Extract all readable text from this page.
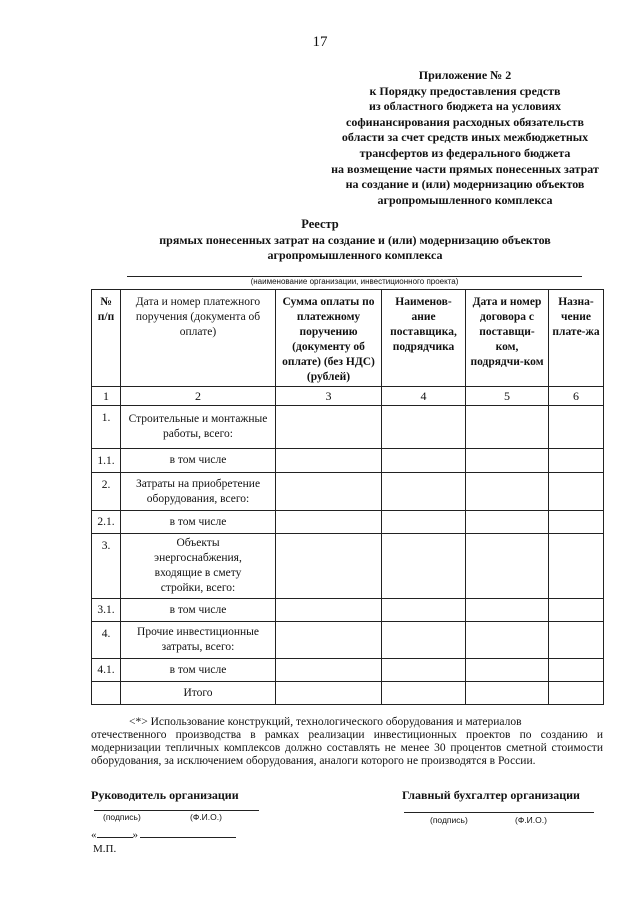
17
Приложение № 2
к Порядку предоставления средств
из областного бюджета на условиях
софинансирования расходных обязательств
области за счет средств иных межбюджетных
трансфертов из федерального бюджета
на возмещение части прямых понесенных затрат
на создание и (или) модернизацию объектов
агропромышленного комплекса
Реестр
прямых понесенных затрат на создание и (или) модернизацию объектов
агропромышленного комплекса
(наименование организации, инвестиционного проекта)
№ п/п	Дата и номер платежного поручения (документа об оплате)	Сумма оплаты по платежному поручению (документу об оплате) (без НДС) (рублей)	Наименов-ание поставщика, подрядчика	Дата и номер договора с поставщи-ком, подрядчи-ком	Назна-чение плате-жа
1	2	3	4	5	6
1.	Строительные и монтажные работы, всего:				
1.1.	в том числе				
2.	Затраты на приобретение оборудования, всего:				
2.1.	в том числе				
3.	Объекты энергоснабжения, входящие в смету стройки, всего:				
3.1.	в том числе				
4.	Прочие инвестиционные затраты, всего:				
4.1.	в том числе				
	Итого				
<*> Использование конструкций, технологического оборудования и материалов
отечественного производства в рамках реализации инвестиционных проектов по созданию и модернизации тепличных комплексов должно составлять не менее 30 процентов сметной стоимости оборудования, за исключением оборудования, аналоги которого не производятся в России.
Руководитель организации	Главный бухгалтер организации
(подпись)	(Ф.И.О.)	(подпись)	(Ф.И.О.)
«	»
М.П.
